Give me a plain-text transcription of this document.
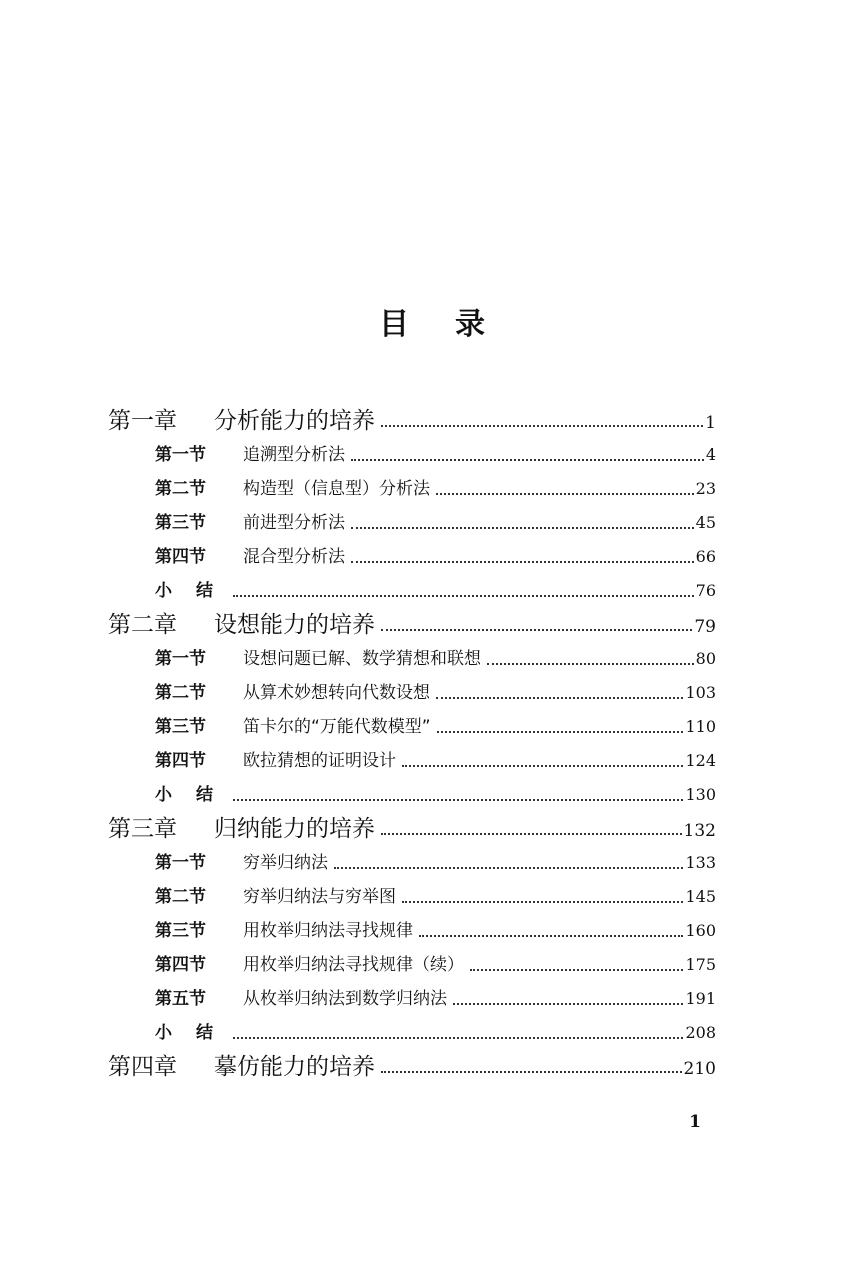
目录
第一章	分析能力的培养	1
第一节	追溯型分析法	4
第二节	构造型（信息型）分析法	23
第三节	前进型分析法	45
第四节	混合型分析法	66
小结	76
第二章	设想能力的培养	79
第一节	设想问题已解、数学猜想和联想	80
第二节	从算术妙想转向代数设想	103
第三节	笛卡尔的“万能代数模型”	110
第四节	欧拉猜想的证明设计	124
小结	130
第三章	归纳能力的培养	132
第一节	穷举归纳法	133
第二节	穷举归纳法与穷举图	145
第三节	用枚举归纳法寻找规律	160
第四节	用枚举归纳法寻找规律（续）	175
第五节	从枚举归纳法到数学归纳法	191
小结	208
第四章	摹仿能力的培养	210
1
